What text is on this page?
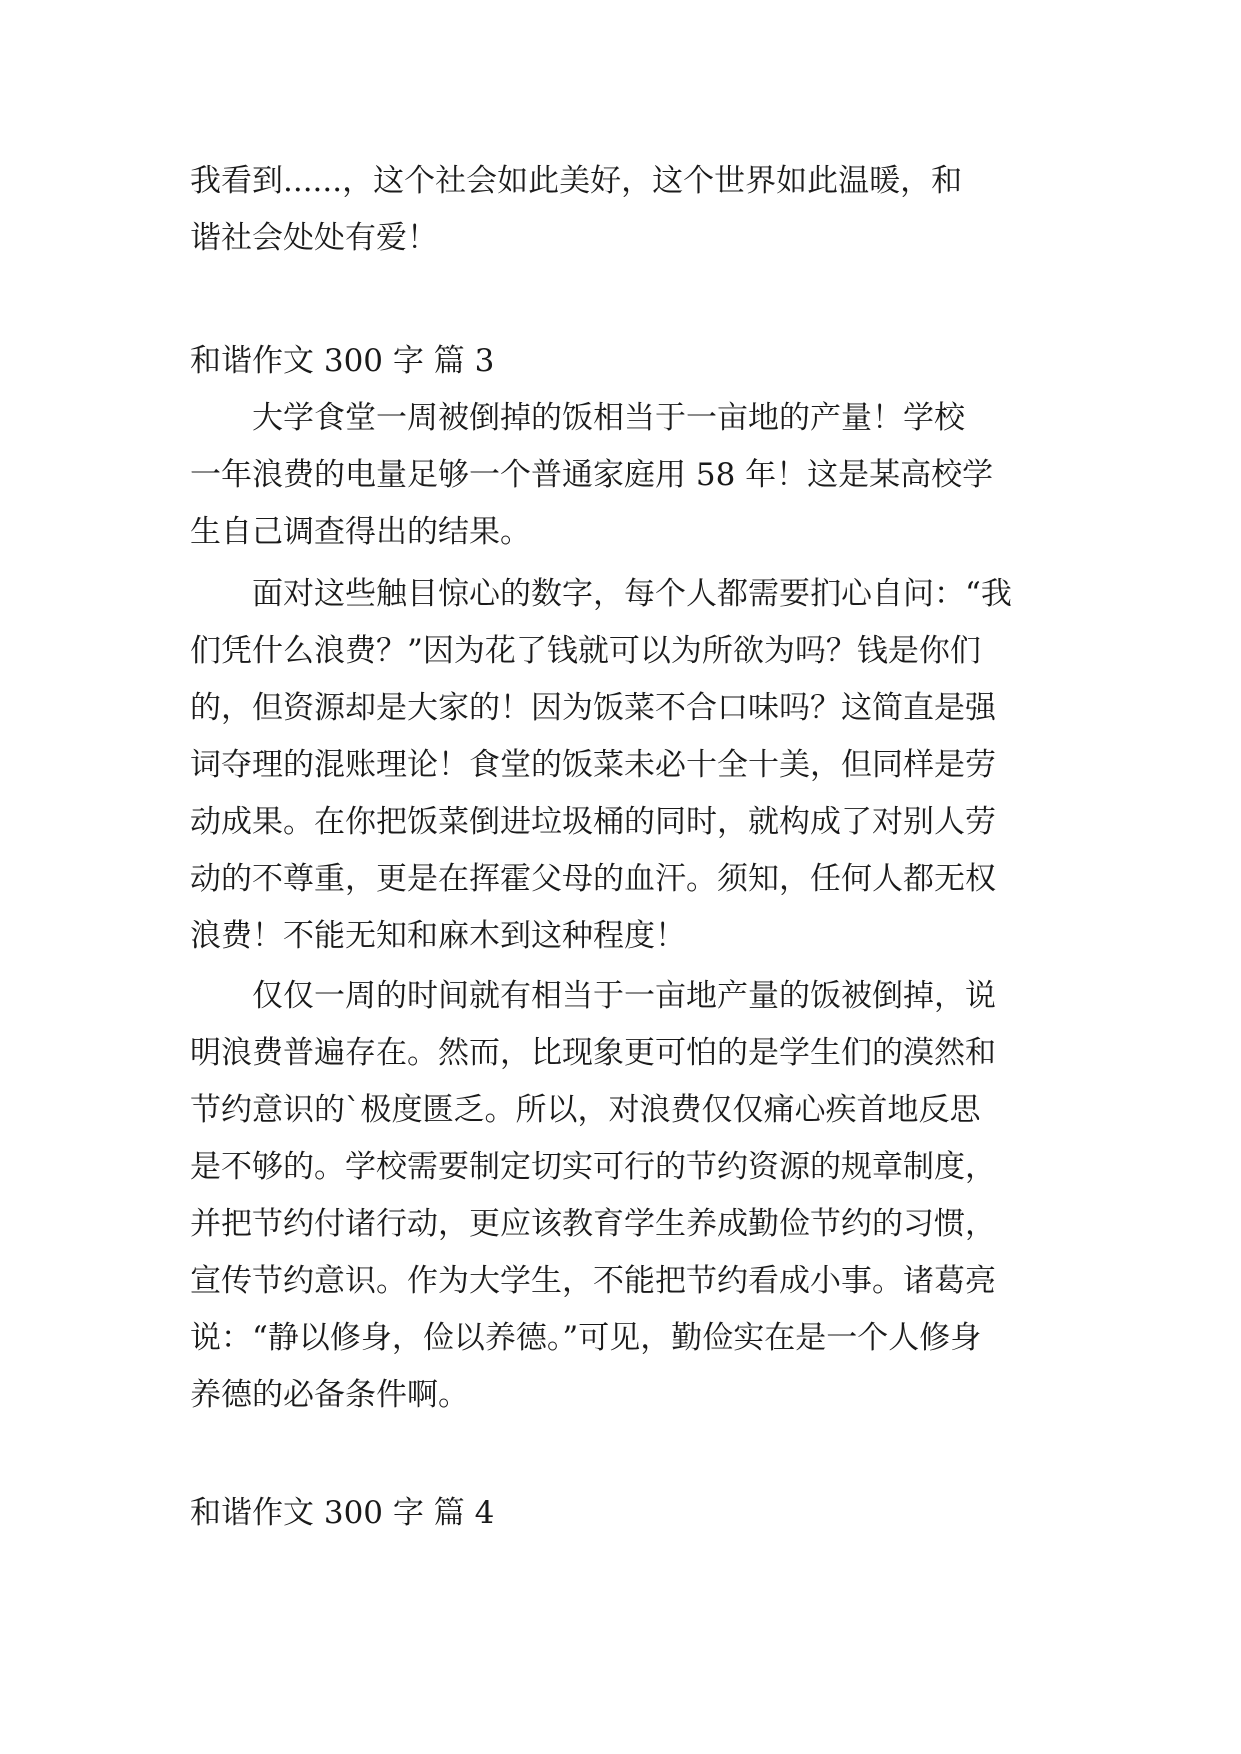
我看到......，这个社会如此美好，这个世界如此温暖，和
谐社会处处有爱！
和谐作文 300 字 篇 3
　　大学食堂一周被倒掉的饭相当于一亩地的产量！学校
一年浪费的电量足够一个普通家庭用 58 年！这是某高校学
生自己调查得出的结果。
　　面对这些触目惊心的数字，每个人都需要扪心自问：“我
们凭什么浪费？”因为花了钱就可以为所欲为吗？钱是你们
的，但资源却是大家的！因为饭菜不合口味吗？这简直是强
词夺理的混账理论！食堂的饭菜未必十全十美，但同样是劳
动成果。在你把饭菜倒进垃圾桶的同时，就构成了对别人劳
动的不尊重，更是在挥霍父母的血汗。须知，任何人都无权
浪费！不能无知和麻木到这种程度！
　　仅仅一周的时间就有相当于一亩地产量的饭被倒掉，说
明浪费普遍存在。然而，比现象更可怕的是学生们的漠然和
节约意识的`极度匮乏。所以，对浪费仅仅痛心疾首地反思
是不够的。学校需要制定切实可行的节约资源的规章制度，
并把节约付诸行动，更应该教育学生养成勤俭节约的习惯，
宣传节约意识。作为大学生，不能把节约看成小事。诸葛亮
说：“静以修身，俭以养德。”可见，勤俭实在是一个人修身
养德的必备条件啊。
和谐作文 300 字 篇 4
